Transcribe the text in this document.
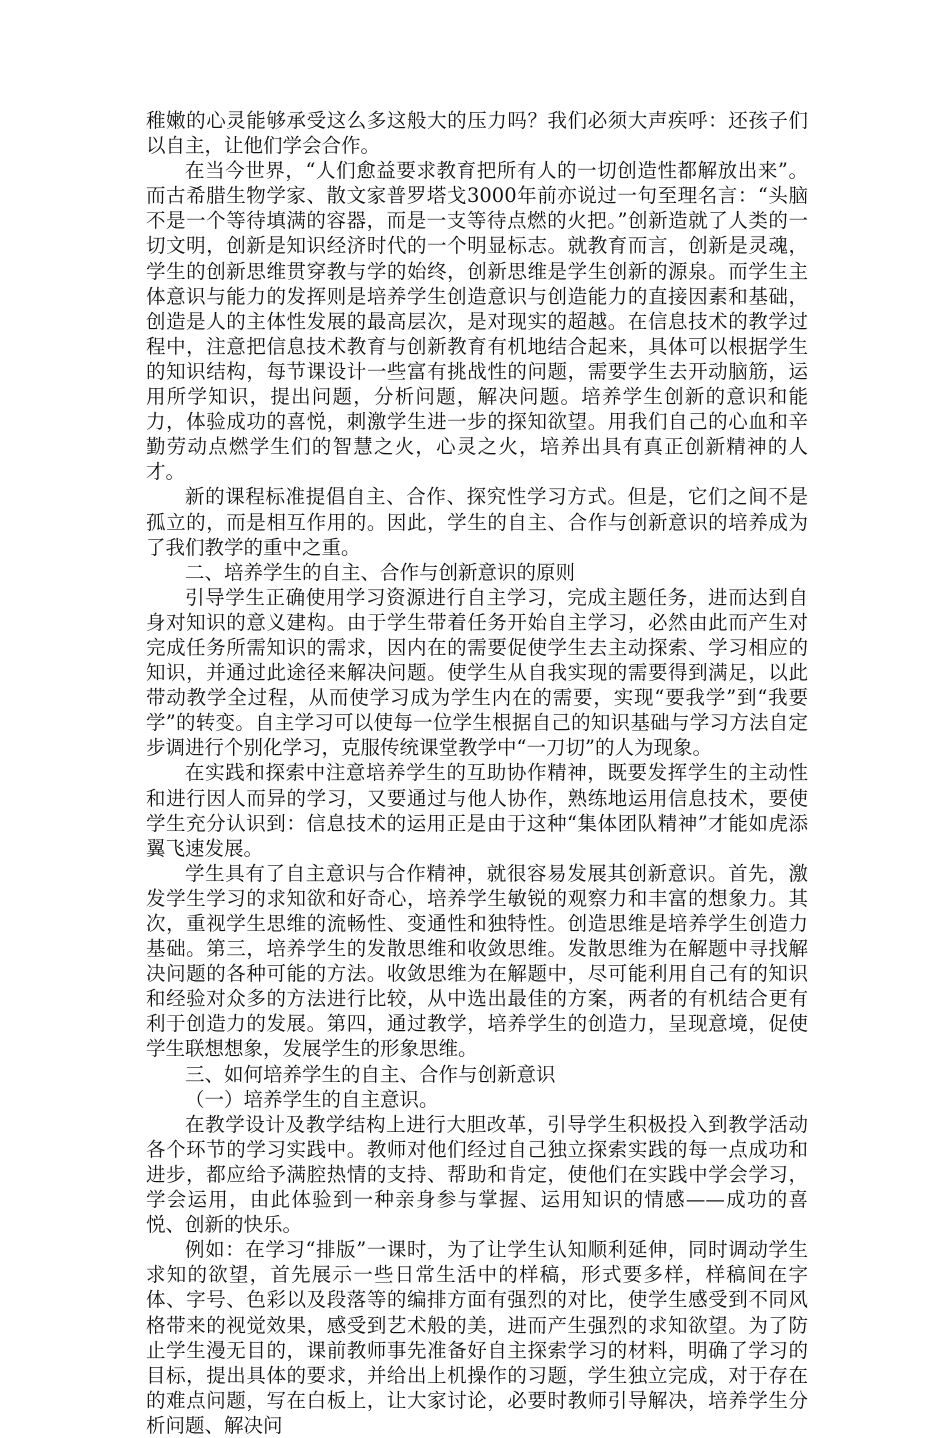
稚嫩的心灵能够承受这么多这般大的压力吗？我们必须大声疾呼：还孩子们以自主，让他们学会合作。

在当今世界，“人们愈益要求教育把所有人的一切创造性都解放出来”。而古希腊生物学家、散文家普罗塔戈3000年前亦说过一句至理名言：“头脑不是一个等待填满的容器，而是一支等待点燃的火把。”创新造就了人类的一切文明，创新是知识经济时代的一个明显标志。就教育而言，创新是灵魂，学生的创新思维贯穿教与学的始终，创新思维是学生创新的源泉。而学生主体意识与能力的发挥则是培养学生创造意识与创造能力的直接因素和基础，创造是人的主体性发展的最高层次，是对现实的超越。在信息技术的教学过程中，注意把信息技术教育与创新教育有机地结合起来，具体可以根据学生的知识结构，每节课设计一些富有挑战性的问题，需要学生去开动脑筋，运用所学知识，提出问题，分析问题，解决问题。培养学生创新的意识和能力，体验成功的喜悦，刺激学生进一步的探知欲望。用我们自己的心血和辛勤劳动点燃学生们的智慧之火，心灵之火，培养出具有真正创新精神的人才。

新的课程标准提倡自主、合作、探究性学习方式。但是，它们之间不是孤立的，而是相互作用的。因此，学生的自主、合作与创新意识的培养成为了我们教学的重中之重。

二、培养学生的自主、合作与创新意识的原则

引导学生正确使用学习资源进行自主学习，完成主题任务，进而达到自身对知识的意义建构。由于学生带着任务开始自主学习，必然由此而产生对完成任务所需知识的需求，因内在的需要促使学生去主动探索、学习相应的知识，并通过此途径来解决问题。使学生从自我实现的需要得到满足，以此带动教学全过程，从而使学习成为学生内在的需要，实现“要我学”到“我要学”的转变。自主学习可以使每一位学生根据自己的知识基础与学习方法自定步调进行个别化学习，克服传统课堂教学中“一刀切”的人为现象。

在实践和探索中注意培养学生的互助协作精神，既要发挥学生的主动性和进行因人而异的学习，又要通过与他人协作，熟练地运用信息技术，要使学生充分认识到：信息技术的运用正是由于这种“集体团队精神”才能如虎添翼飞速发展。

学生具有了自主意识与合作精神，就很容易发展其创新意识。首先，激发学生学习的求知欲和好奇心，培养学生敏锐的观察力和丰富的想象力。其次，重视学生思维的流畅性、变通性和独特性。创造思维是培养学生创造力基础。第三，培养学生的发散思维和收敛思维。发散思维为在解题中寻找解决问题的各种可能的方法。收敛思维为在解题中，尽可能利用自己有的知识和经验对众多的方法进行比较，从中选出最佳的方案，两者的有机结合更有利于创造力的发展。第四，通过教学，培养学生的创造力，呈现意境，促使学生联想想象，发展学生的形象思维。

三、如何培养学生的自主、合作与创新意识

（一）培养学生的自主意识。

在教学设计及教学结构上进行大胆改革，引导学生积极投入到教学活动各个环节的学习实践中。教师对他们经过自己独立探索实践的每一点成功和进步，都应给予满腔热情的支持、帮助和肯定，使他们在实践中学会学习，学会运用，由此体验到一种亲身参与掌握、运用知识的情感——成功的喜悦、创新的快乐。

例如：在学习“排版”一课时，为了让学生认知顺利延伸，同时调动学生求知的欲望，首先展示一些日常生活中的样稿，形式要多样，样稿间在字体、字号、色彩以及段落等的编排方面有强烈的对比，使学生感受到不同风格带来的视觉效果，感受到艺术般的美，进而产生强烈的求知欲望。为了防止学生漫无目的，课前教师事先准备好自主探索学习的材料，明确了学习的目标，提出具体的要求，并给出上机操作的习题，学生独立完成，对于存在的难点问题，写在白板上，让大家讨论，必要时教师引导解决，培养学生分析问题、解决问
